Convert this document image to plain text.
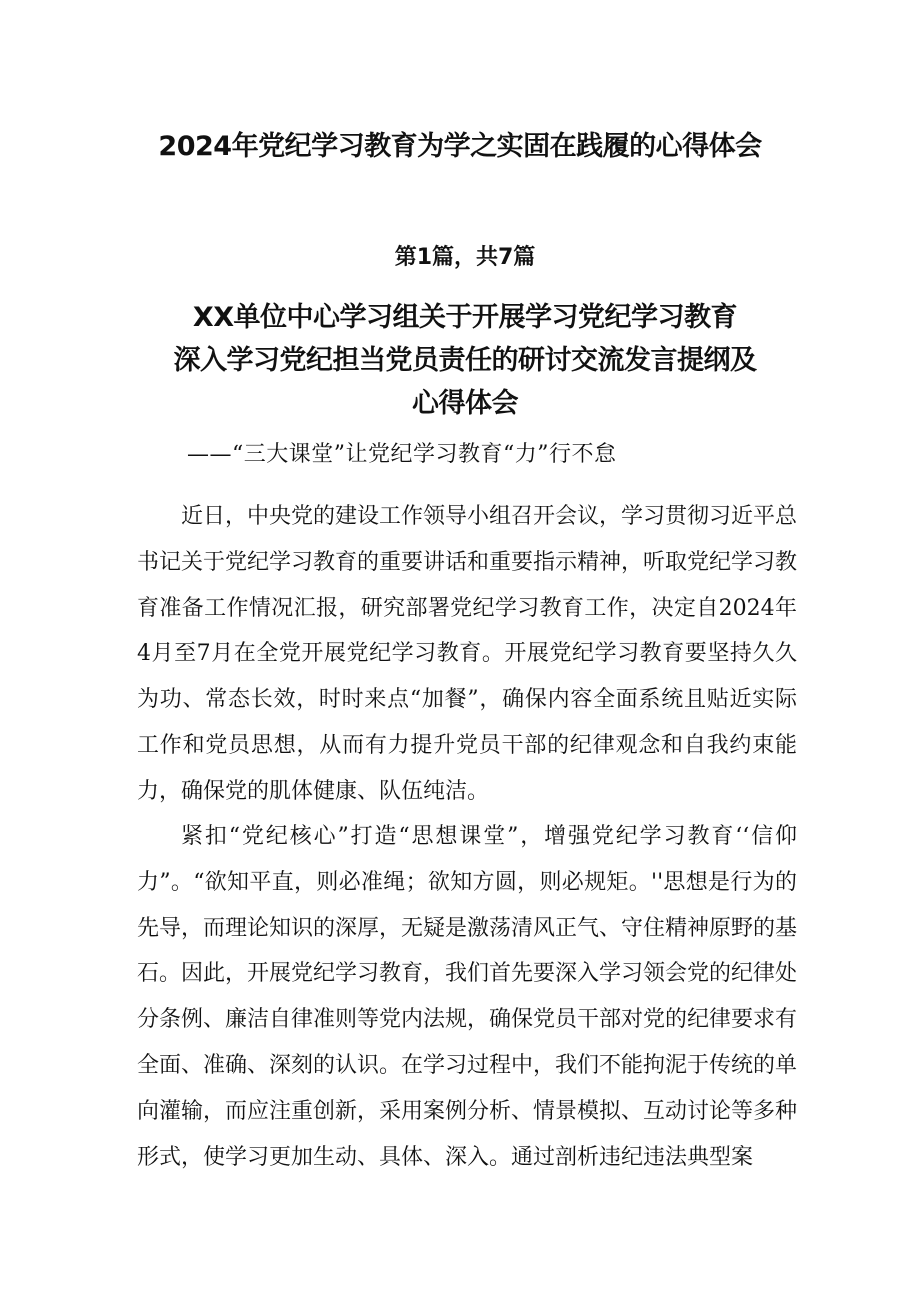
2024年党纪学习教育为学之实固在践履的心得体会
第1篇，共7篇
XX单位中心学习组关于开展学习党纪学习教育
深入学习党纪担当党员责任的研讨交流发言提纲及
心得体会
——“三大课堂”让党纪学习教育“力”行不怠

近日，中央党的建设工作领导小组召开会议，学习贯彻习近平总书记关于党纪学习教育的重要讲话和重要指示精神，听取党纪学习教育准备工作情况汇报，研究部署党纪学习教育工作，决定自2024年4月至7月在全党开展党纪学习教育。开展党纪学习教育要坚持久久为功、常态长效，时时来点“加餐”，确保内容全面系统且贴近实际工作和党员思想，从而有力提升党员干部的纪律观念和自我约束能力，确保党的肌体健康、队伍纯洁。

紧扣“党纪核心”打造“思想课堂”，增强党纪学习教育‘‘信仰力”。“欲知平直，则必准绳；欲知方圆，则必规矩。''思想是行为的先导，而理论知识的深厚，无疑是激荡清风正气、守住精神原野的基石。因此，开展党纪学习教育，我们首先要深入学习领会党的纪律处分条例、廉洁自律准则等党内法规，确保党员干部对党的纪律要求有全面、准确、深刻的认识。在学习过程中，我们不能拘泥于传统的单向灌输，而应注重创新，采用案例分析、情景模拟、互动讨论等多种形式，使学习更加生动、具体、深入。通过剖析违纪违法典型案
